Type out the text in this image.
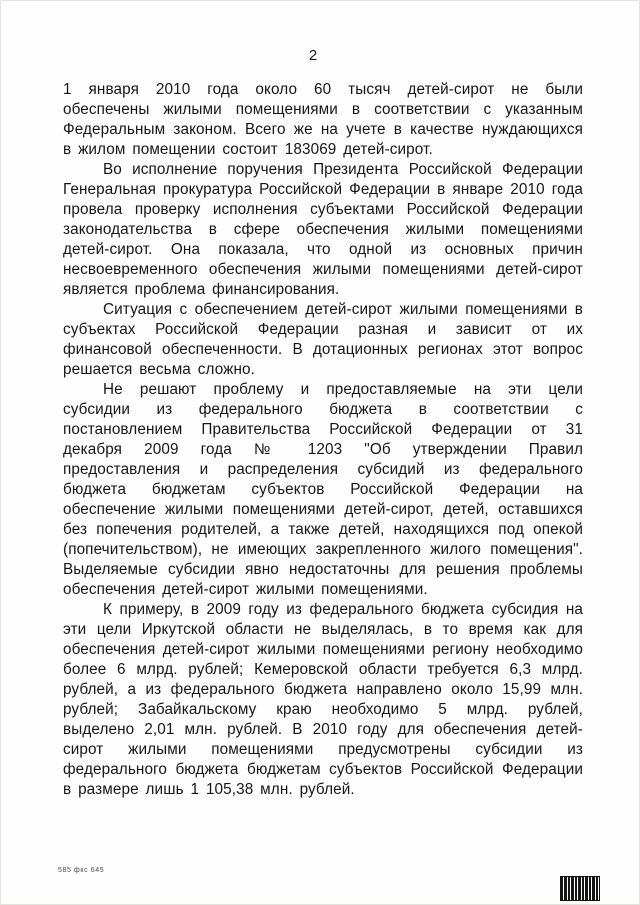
2

1 января 2010 года около 60 тысяч детей-сирот не были обеспечены жилыми помещениями в соответствии с указанным Федеральным законом. Всего же на учете в качестве нуждающихся в жилом помещении состоит 183069 детей-сирот.

Во исполнение поручения Президента Российской Федерации Генеральная прокуратура Российской Федерации в январе 2010 года провела проверку исполнения субъектами Российской Федерации законодательства в сфере обеспечения жилыми помещениями детей-сирот. Она показала, что одной из основных причин несвоевременного обеспечения жилыми помещениями детей-сирот является проблема финансирования.

Ситуация с обеспечением детей-сирот жилыми помещениями в субъектах Российской Федерации разная и зависит от их финансовой обеспеченности. В дотационных регионах этот вопрос решается весьма сложно.

Не решают проблему и предоставляемые на эти цели субсидии из федерального бюджета в соответствии с постановлением Правительства Российской Федерации от 31 декабря 2009 года № 1203 "Об утверждении Правил предоставления и распределения субсидий из федерального бюджета бюджетам субъектов Российской Федерации на обеспечение жилыми помещениями детей-сирот, детей, оставшихся без попечения родителей, а также детей, находящихся под опекой (попечительством), не имеющих закрепленного жилого помещения". Выделяемые субсидии явно недостаточны для решения проблемы обеспечения детей-сирот жилыми помещениями.

К примеру, в 2009 году из федерального бюджета субсидия на эти цели Иркутской области не выделялась, в то время как для обеспечения детей-сирот жилыми помещениями региону необходимо более 6 млрд. рублей; Кемеровской области требуется 6,3 млрд. рублей, а из федерального бюджета направлено около 15,99 млн. рублей; Забайкальскому краю необходимо 5 млрд. рублей, выделено 2,01 млн. рублей. В 2010 году для обеспечения детей-сирот жилыми помещениями предусмотрены субсидии из федерального бюджета бюджетам субъектов Российской Федерации в размере лишь 1 105,38 млн. рублей.

585 фкс 645
